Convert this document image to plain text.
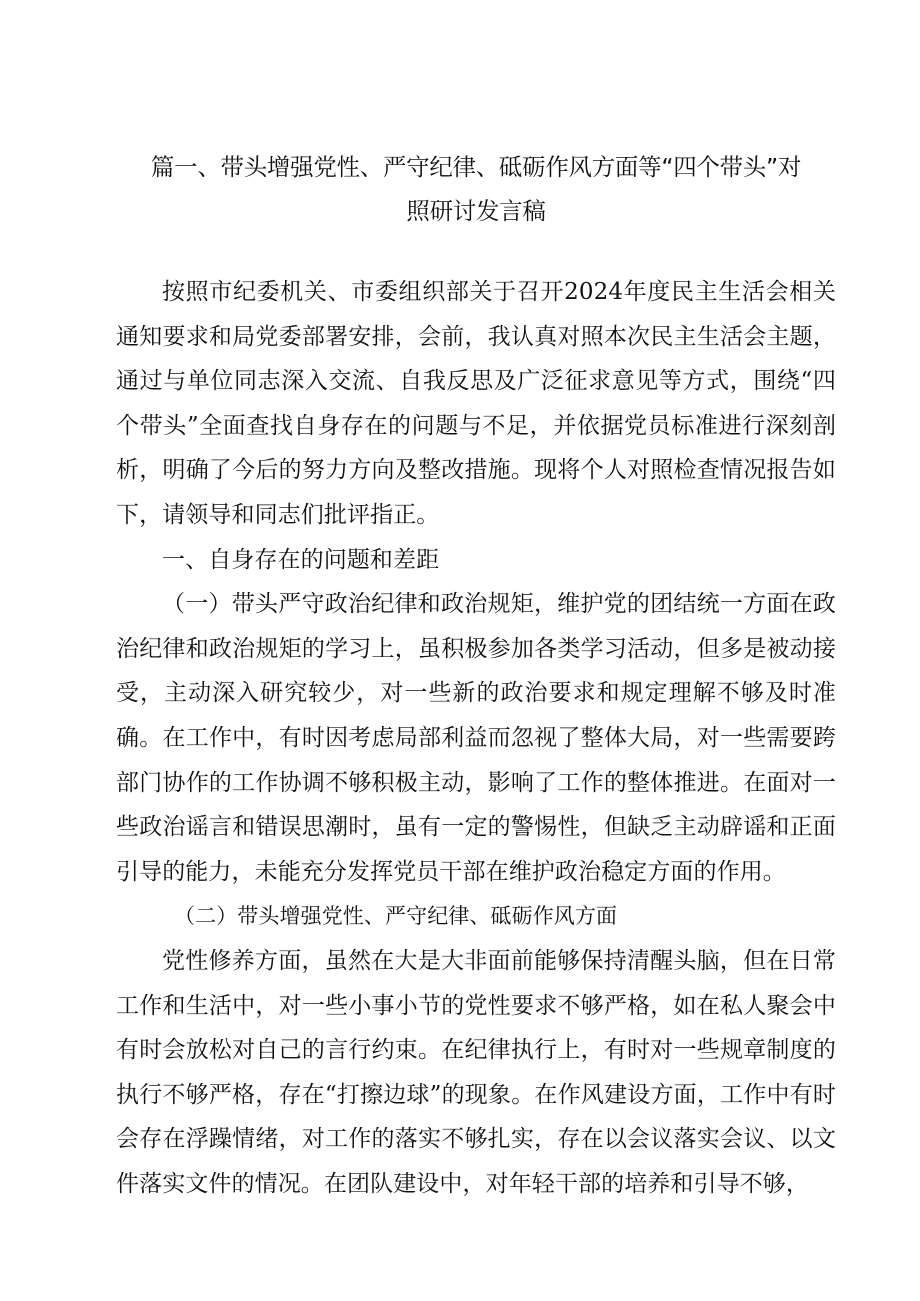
篇一、带头增强党性、严守纪律、砥砺作风方面等“四个带头”对
照研讨发言稿

按照市纪委机关、市委组织部关于召开2024年度民主生活会相关通知要求和局党委部署安排，会前，我认真对照本次民主生活会主题，通过与单位同志深入交流、自我反思及广泛征求意见等方式，围绕“四个带头”全面查找自身存在的问题与不足，并依据党员标准进行深刻剖析，明确了今后的努力方向及整改措施。现将个人对照检查情况报告如下，请领导和同志们批评指正。

一、自身存在的问题和差距

（一）带头严守政治纪律和政治规矩，维护党的团结统一方面在政治纪律和政治规矩的学习上，虽积极参加各类学习活动，但多是被动接受，主动深入研究较少，对一些新的政治要求和规定理解不够及时准确。在工作中，有时因考虑局部利益而忽视了整体大局，对一些需要跨部门协作的工作协调不够积极主动，影响了工作的整体推进。在面对一些政治谣言和错误思潮时，虽有一定的警惕性，但缺乏主动辟谣和正面引导的能力，未能充分发挥党员干部在维护政治稳定方面的作用。

（二）带头增强党性、严守纪律、砥砺作风方面

党性修养方面，虽然在大是大非面前能够保持清醒头脑，但在日常工作和生活中，对一些小事小节的党性要求不够严格，如在私人聚会中有时会放松对自己的言行约束。在纪律执行上，有时对一些规章制度的执行不够严格，存在“打擦边球”的现象。在作风建设方面，工作中有时会存在浮躁情绪，对工作的落实不够扎实，存在以会议落实会议、以文件落实文件的情况。在团队建设中，对年轻干部的培养和引导不够，
